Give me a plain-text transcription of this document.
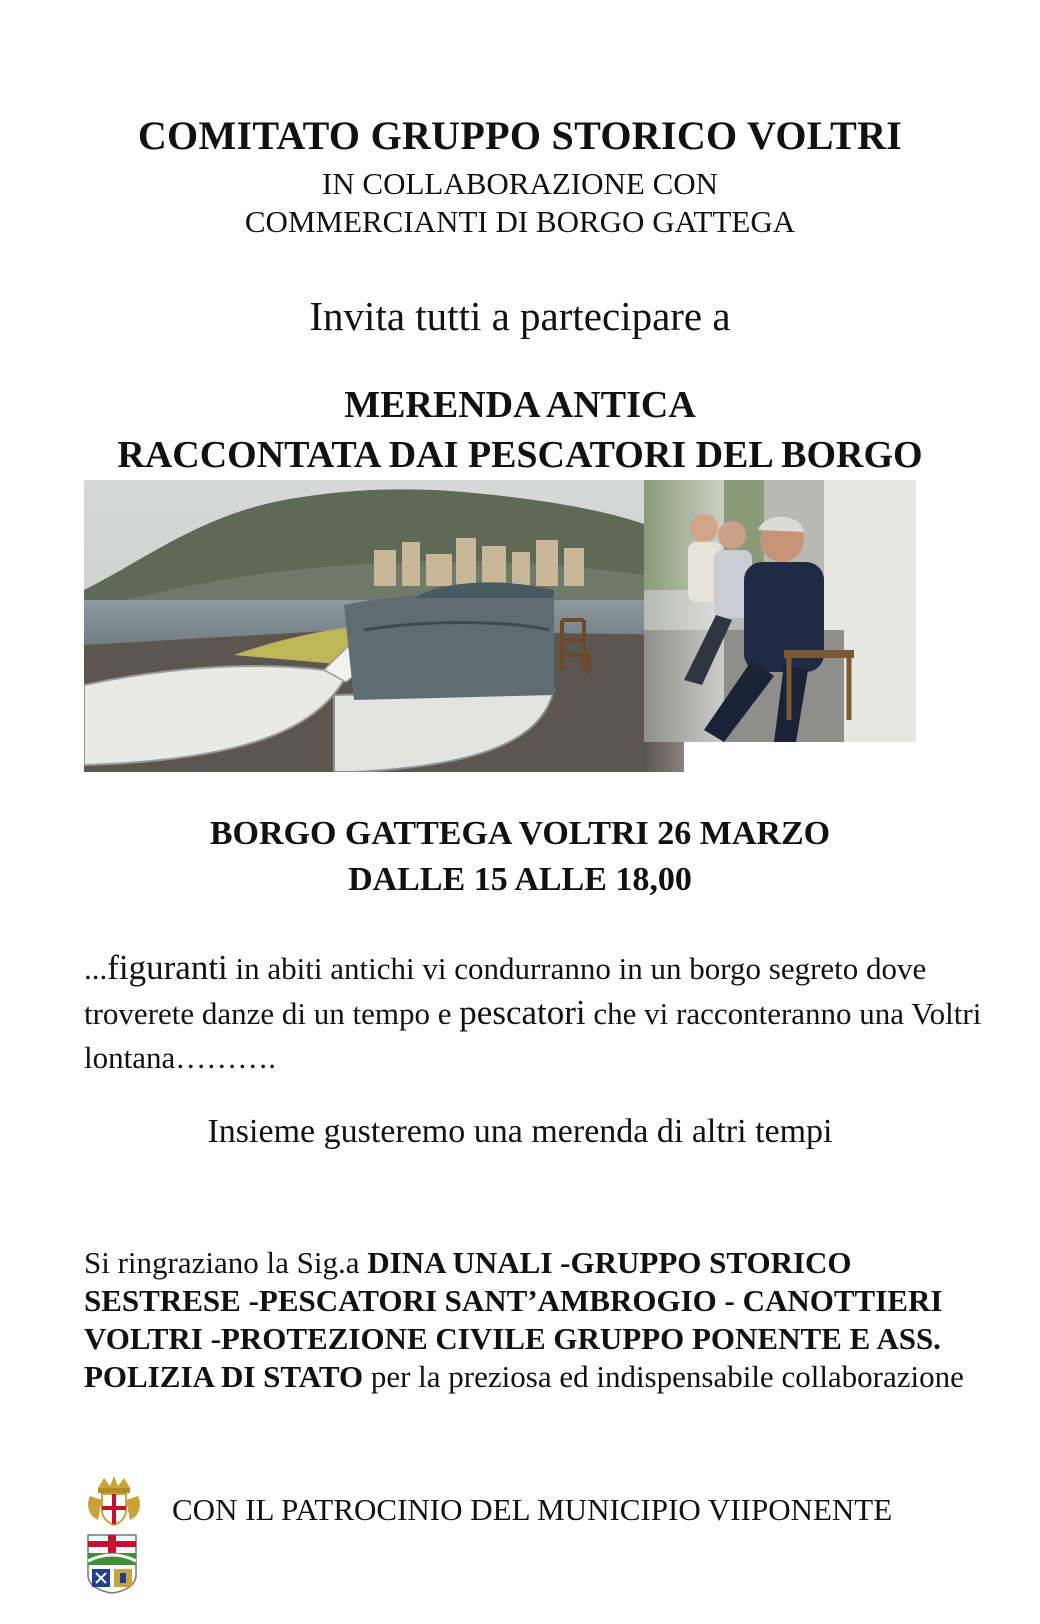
COMITATO GRUPPO STORICO VOLTRI
IN COLLABORAZIONE CON
COMMERCIANTI DI BORGO GATTEGA
Invita tutti a partecipare a
MERENDA ANTICA
RACCONTATA DAI PESCATORI DEL BORGO
BORGO GATTEGA VOLTRI 26 MARZO
DALLE 15 ALLE 18,00
...figuranti in abiti antichi vi condurranno in un borgo segreto dove troverete danze di un tempo e pescatori che vi racconteranno una Voltri lontana……….
Insieme gusteremo una merenda di altri tempi
Si ringraziano la Sig.a DINA UNALI -GRUPPO STORICO SESTRESE -PESCATORI SANT’AMBROGIO - CANOTTIERI VOLTRI -PROTEZIONE CIVILE GRUPPO PONENTE E ASS. POLIZIA DI STATO per la preziosa ed indispensabile collaborazione
CON IL PATROCINIO DEL MUNICIPIO VIIPONENTE
